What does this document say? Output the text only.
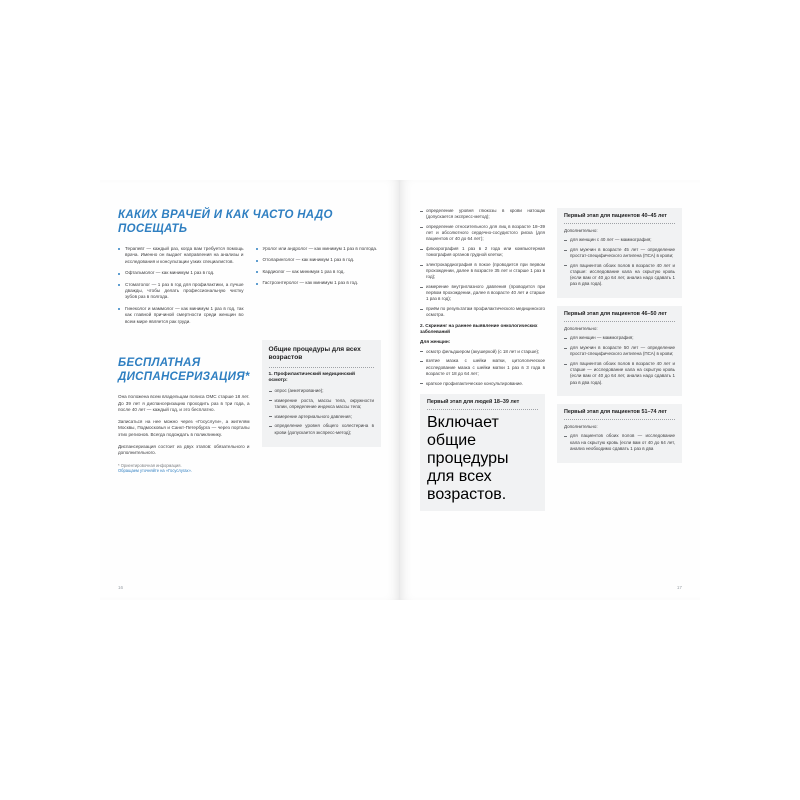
КАКИХ ВРАЧЕЙ И КАК ЧАСТО НАДО ПОСЕЩАТЬ
Терапевт — каждый раз, когда вам требуется помощь врача. Именно он выдает направления на анализы и исследования и консультации узких специалистов.
Офтальмолог — как минимум 1 раз в год.
Стоматолог — 1 раз в год для профилактики, а лучше дважды, чтобы делать профессиональную чистку зубов раз в полгода.
Гинеколог и маммолог — как минимум 1 раз в год, так как главной причиной смертности среди женщин во всем мире является рак груди.
Уролог или андролог — как минимум 1 раз в полгода.
Отоларинголог — как минимум 1 раз в год.
Кардиолог — как минимум 1 раз в год.
Гастроэнтеролог — как минимум 1 раз в год.
БЕСПЛАТНАЯ ДИСПАНСЕРИЗАЦИЯ*

Она положена всем владельцам полиса ОМС старше 18 лет. До 39 лет я диспансеризацию проходить раз в три года, а после 40 лет — каждый год, и это бесплатно.

Записаться на нее можно через «Госуслуги», а жителям Москвы, Подмосковья и Санкт-Петербурга — через порталы этих регионов. Всегда подождать в поликлинику.

Диспансеризация состоит из двух этапов: обязательного и дополнительного.

* Ориентировочная информация.
Обращаем уточняйте на «Госуслугах».
Общие процедуры для всех возрастов
1. Профилактический медицинский осмотр:
опрос (анкетирование);
измерение роста, массы тела, окружности талии, определение индекса массы тела;
измерение артериального давления;
определение уровня общего холестерина в крови (допускается экспресс-метод);
16
определение уровня глюкозы в крови натощак (допускается экспресс-метод);
определение относительного для лиц в возрасте 18–39 лет и абсолютного сердечно-сосудистого риска (для пациентов от 40 до 64 лет);
флюорография 1 раз в 2 года или компьютерная томография органов грудной клетки;
электрокардиография в покое (проводится при первом прохождении, далее в возрасте 35 лет и старше 1 раз в год);
измерение внутриглазного давления (проводится при первом прохождении, далее в возрасте 40 лет и старше 1 раз в год);
приём по результатам профилактического медицинского осмотра.
2. Скрининг на раннее выявление онкологических заболеваний
Для женщин:
осмотр фельдшером (акушеркой) (с 18 лет и старше);
взятие мазка с шейки матки, цитологическое исследование мазка с шейки матки 1 раз в 3 года в возрасте от 18 до 64 лет;
краткое профилактическое консультирование.
Первый этап для людей 18–39 лет
Включает общие процедуры для всех возрастов.
Первый этап для пациентов 40–45 лет
Дополнительно:
для женщин с 40 лет — маммография;
для мужчин в возрасте 45 лет — определение простат-специфического антигена (ПСА) в крови;
для пациентов обоих полов в возрасте 40 лет и старше: исследование кала на скрытую кровь (если вам от 40 до 64 лет, анализ надо сдавать 1 раз в два года).
Первый этап для пациентов 46–50 лет
Дополнительно:
для женщин — маммография;
для мужчин в возрасте 50 лет — определение простат-специфического антигена (ПСА) в крови;
для пациентов обоих полов в возрасте 40 лет и старше — исследование кала на скрытую кровь (если вам от 40 до 64 лет, анализ надо сдавать 1 раз в два года).
Первый этап для пациентов 51–74 лет
Дополнительно:
для пациентов обоих полов — исследование кала на скрытую кровь (если вам от 40 до 64 лет, анализ необходимо сдавать 1 раз в два
17
